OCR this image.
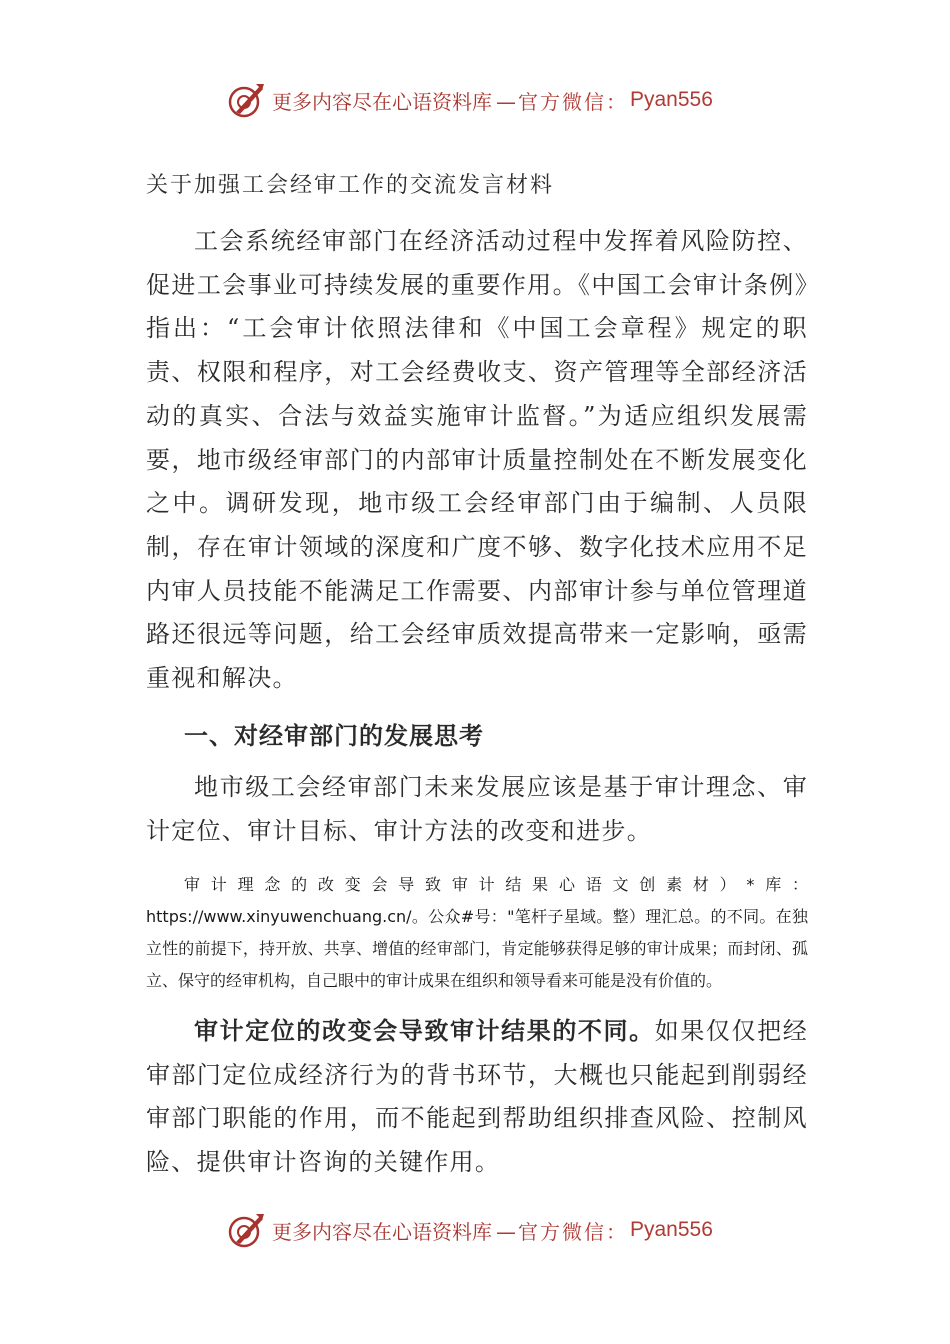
更多内容尽在心语资料库 —官方微信： Pyan556
关于加强工会经审工作的交流发言材料
工会系统经审部门在经济活动过程中发挥着风险防控、促进工会事业可持续发展的重要作用。《中国工会审计条例》指出：“工会审计依照法律和《中国工会章程》规定的职责、权限和程序，对工会经费收支、资产管理等全部经济活动的真实、合法与效益实施审计监督。”为适应组织发展需要，地市级经审部门的内部审计质量控制处在不断发展变化之中。调研发现，地市级工会经审部门由于编制、人员限制，存在审计领域的深度和广度不够、数字化技术应用不足内审人员技能不能满足工作需要、内部审计参与单位管理道路还很远等问题，给工会经审质效提高带来一定影响，亟需重视和解决。
一、对经审部门的发展思考
地市级工会经审部门未来发展应该是基于审计理念、审计定位、审计目标、审计方法的改变和进步。
审计理念的改变会导致审计结果心语文创素材）*库：https://www.xinyuwenchuang.cn/。公众#号："笔杆子星域。整）理汇总。的不同。在独立性的前提下，持开放、共享、增值的经审部门，肯定能够获得足够的审计成果；而封闭、孤立、保守的经审机构，自己眼中的审计成果在组织和领导看来可能是没有价值的。
审计定位的改变会导致审计结果的不同。如果仅仅把经审部门定位成经济行为的背书环节，大概也只能起到削弱经审部门职能的作用，而不能起到帮助组织排查风险、控制风险、提供审计咨询的关键作用。
更多内容尽在心语资料库 —官方微信： Pyan556
